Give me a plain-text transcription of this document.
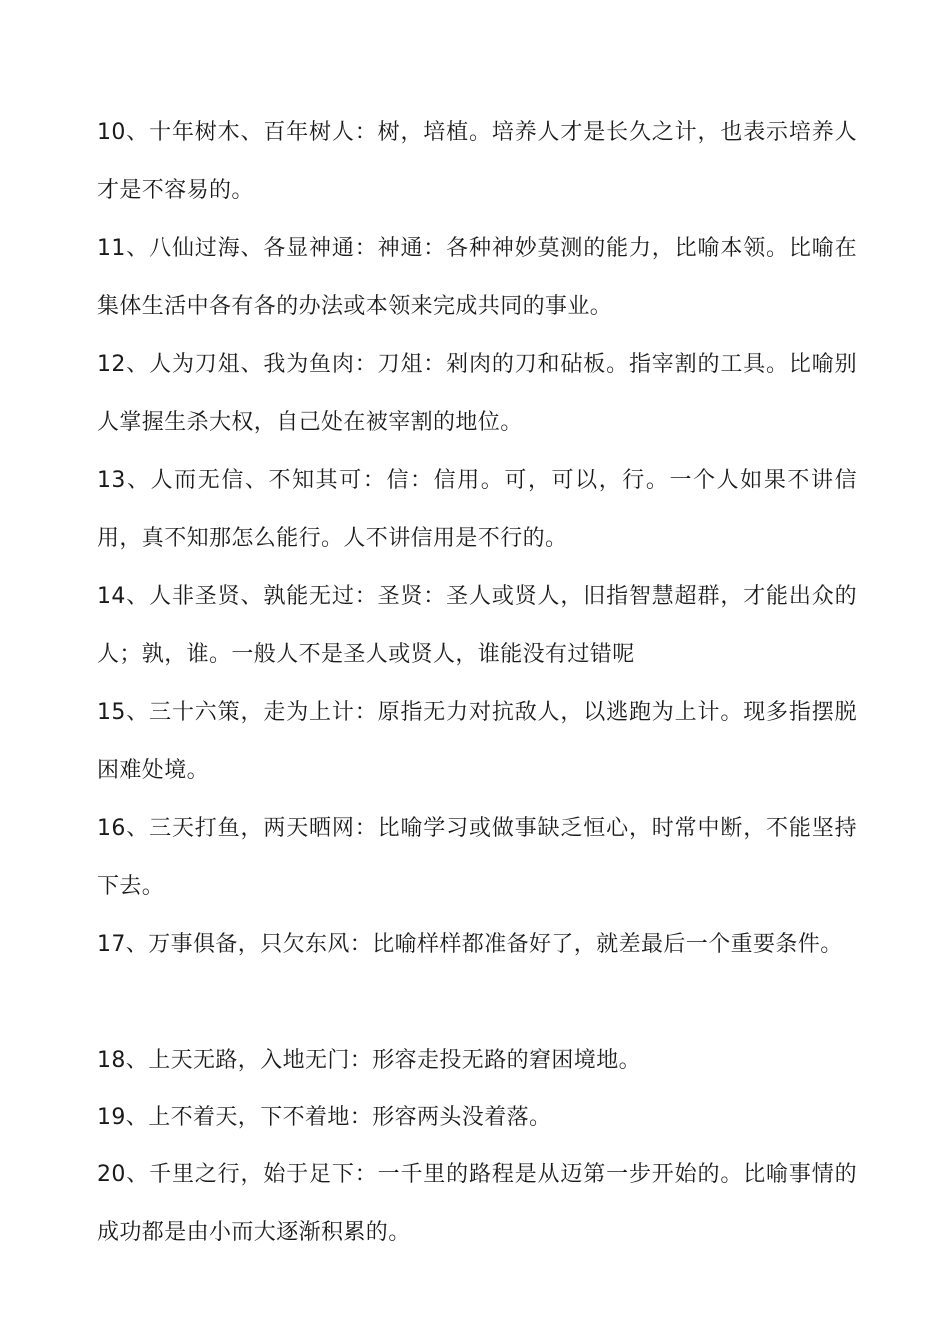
10、十年树木、百年树人：树，培植。培养人才是长久之计，也表示培养人才是不容易的。

11、八仙过海、各显神通：神通：各种神妙莫测的能力，比喻本领。比喻在集体生活中各有各的办法或本领来完成共同的事业。

12、人为刀俎、我为鱼肉：刀俎：剁肉的刀和砧板。指宰割的工具。比喻别人掌握生杀大权，自己处在被宰割的地位。

13、人而无信、不知其可：信：信用。可，可以，行。一个人如果不讲信用，真不知那怎么能行。人不讲信用是不行的。

14、人非圣贤、孰能无过：圣贤：圣人或贤人，旧指智慧超群，才能出众的人；孰，谁。一般人不是圣人或贤人，谁能没有过错呢

15、三十六策，走为上计：原指无力对抗敌人，以逃跑为上计。现多指摆脱困难处境。

16、三天打鱼，两天晒网：比喻学习或做事缺乏恒心，时常中断，不能坚持下去。

17、万事俱备，只欠东风：比喻样样都准备好了，就差最后一个重要条件。

18、上天无路，入地无门：形容走投无路的窘困境地。

19、上不着天，下不着地：形容两头没着落。

20、千里之行，始于足下：一千里的路程是从迈第一步开始的。比喻事情的成功都是由小而大逐渐积累的。
